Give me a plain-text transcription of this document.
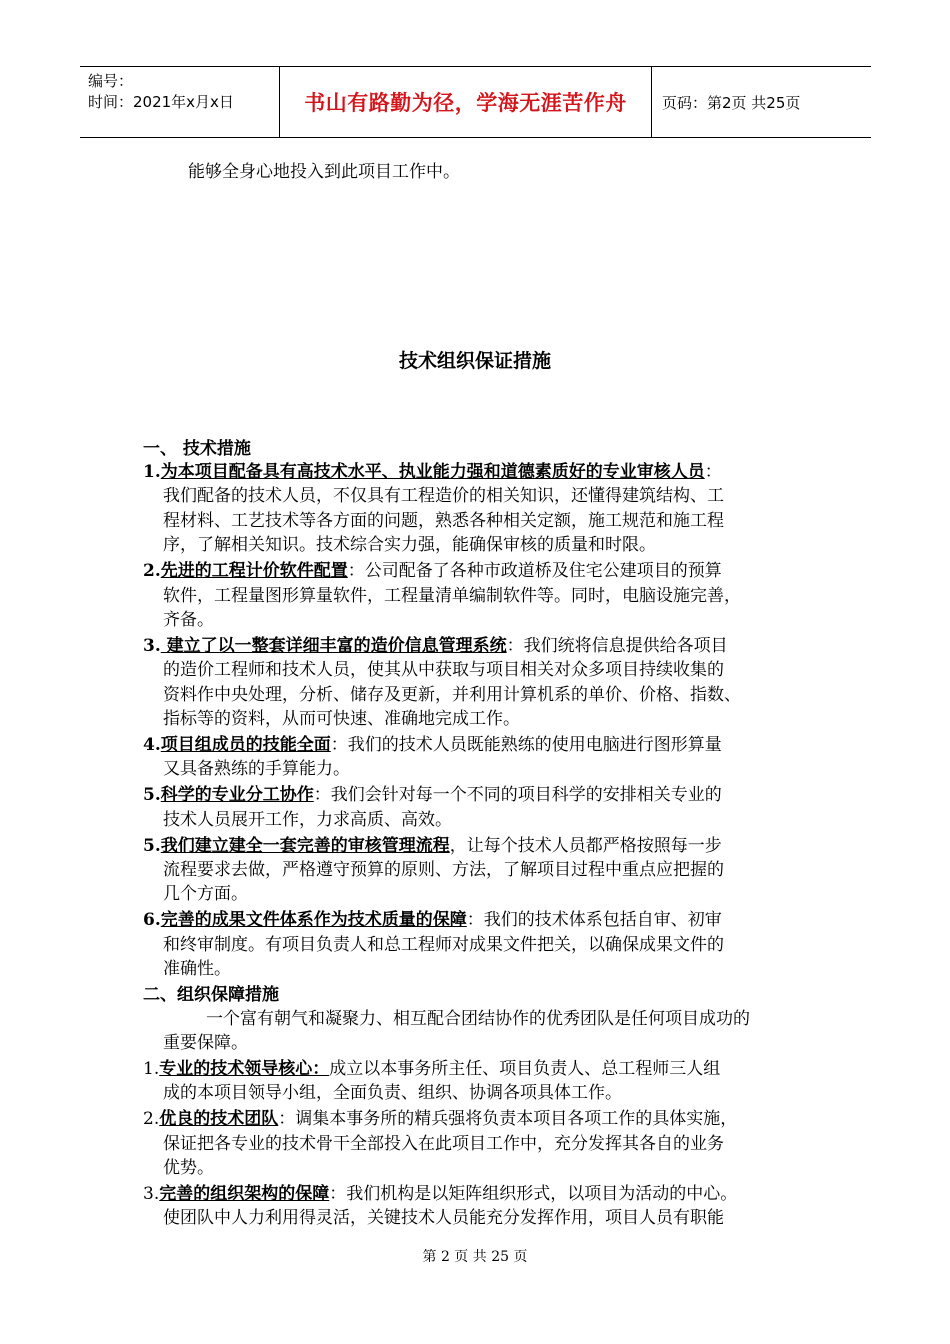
编号：
时间：2021年x月x日	书山有路勤为径，学海无涯苦作舟	页码：第2页 共25页
能够全身心地投入到此项目工作中。
技术组织保证措施
一、 技术措施
1.为本项目配备具有高技术水平、执业能力强和道德素质好的专业审核人员：
我们配备的技术人员，不仅具有工程造价的相关知识，还懂得建筑结构、工
程材料、工艺技术等各方面的问题，熟悉各种相关定额，施工规范和施工程
序，了解相关知识。技术综合实力强，能确保审核的质量和时限。
2.先进的工程计价软件配置：公司配备了各种市政道桥及住宅公建项目的预算
软件，工程量图形算量软件，工程量清单编制软件等。同时，电脑设施完善，
齐备。
3. 建立了以一整套详细丰富的造价信息管理系统：我们统将信息提供给各项目
的造价工程师和技术人员，使其从中获取与项目相关对众多项目持续收集的
资料作中央处理，分析、储存及更新，并利用计算机系的单价、价格、指数、
指标等的资料，从而可快速、准确地完成工作。
4.项目组成员的技能全面：我们的技术人员既能熟练的使用电脑进行图形算量
又具备熟练的手算能力。
5.科学的专业分工协作：我们会针对每一个不同的项目科学的安排相关专业的
技术人员展开工作，力求高质、高效。
5.我们建立建全一套完善的审核管理流程，让每个技术人员都严格按照每一步
流程要求去做，严格遵守预算的原则、方法，了解项目过程中重点应把握的
几个方面。
6.完善的成果文件体系作为技术质量的保障：我们的技术体系包括自审、初审
和终审制度。有项目负责人和总工程师对成果文件把关，以确保成果文件的
准确性。
二、组织保障措施
一个富有朝气和凝聚力、相互配合团结协作的优秀团队是任何项目成功的
重要保障。
1.专业的技术领导核心：成立以本事务所主任、项目负责人、总工程师三人组
成的本项目领导小组，全面负责、组织、协调各项具体工作。
2.优良的技术团队：调集本事务所的精兵强将负责本项目各项工作的具体实施，
保证把各专业的技术骨干全部投入在此项目工作中，充分发挥其各自的业务
优势。
3.完善的组织架构的保障：我们机构是以矩阵组织形式，以项目为活动的中心。
使团队中人力利用得灵活，关键技术人员能充分发挥作用，项目人员有职能
第 2 页 共 25 页
